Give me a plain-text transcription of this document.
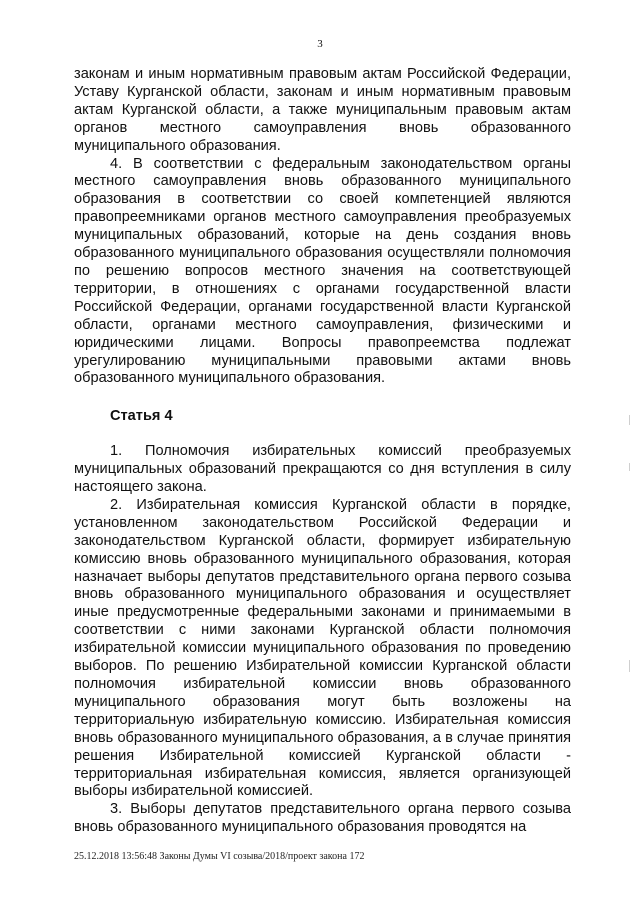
3

законам и иным нормативным правовым актам Российской Федерации, Уставу Курганской области, законам и иным нормативным правовым актам Курганской области, а также муниципальным правовым актам органов местного самоуправления вновь образованного муниципального образования.

4. В соответствии с федеральным законодательством органы местного самоуправления вновь образованного муниципального образования в соответствии со своей компетенцией являются правопреемниками органов местного самоуправления преобразуемых муниципальных образований, которые на день создания вновь образованного муниципального образования осуществляли полномочия по решению вопросов местного значения на соответствующей территории, в отношениях с органами государственной власти Российской Федерации, органами государственной власти Курганской области, органами местного самоуправления, физическими и юридическими лицами. Вопросы правопреемства подлежат урегулированию муниципальными правовыми актами вновь образованного муниципального образования.

Статья 4

1. Полномочия избирательных комиссий преобразуемых муниципальных образований прекращаются со дня вступления в силу настоящего закона.

2. Избирательная комиссия Курганской области в порядке, установленном законодательством Российской Федерации и законодательством Курганской области, формирует избирательную комиссию вновь образованного муниципального образования, которая назначает выборы депутатов представительного органа первого созыва вновь образованного муниципального образования и осуществляет иные предусмотренные федеральными законами и принимаемыми в соответствии с ними законами Курганской области полномочия избирательной комиссии муниципального образования по проведению выборов. По решению Избирательной комиссии Курганской области полномочия избирательной комиссии вновь образованного муниципального образования могут быть возложены на территориальную избирательную комиссию. Избирательная комиссия вновь образованного муниципального образования, а в случае принятия решения Избирательной комиссией Курганской области - территориальная избирательная комиссия, является организующей выборы избирательной комиссией.

3. Выборы депутатов представительного органа первого созыва вновь образованного муниципального образования проводятся на

25.12.2018 13:56:48 Законы Думы VI созыва/2018/проект закона 172
